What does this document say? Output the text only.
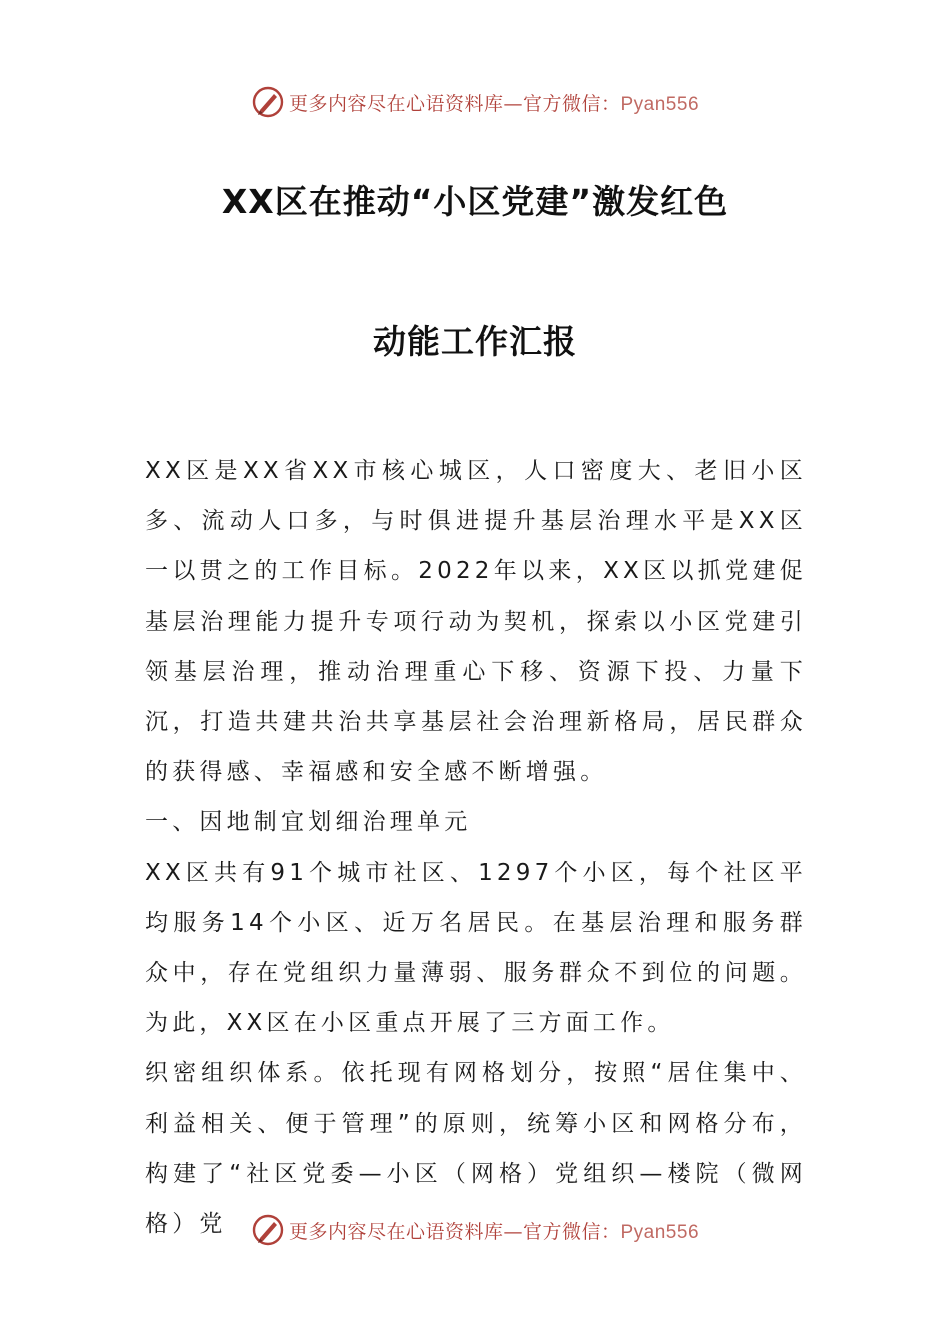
更多内容尽在心语资料库—官方微信：Pyan556
XX区在推动“小区党建”激发红色
动能工作汇报

XX区是XX省XX市核心城区，人口密度大、老旧小区多、流动人口多，与时俱进提升基层治理水平是XX区一以贯之的工作目标。2022年以来，XX区以抓党建促基层治理能力提升专项行动为契机，探索以小区党建引领基层治理，推动治理重心下移、资源下投、力量下沉，打造共建共治共享基层社会治理新格局，居民群众的获得感、幸福感和安全感不断增强。

一、因地制宜划细治理单元

XX区共有91个城市社区、1297个小区，每个社区平均服务14个小区、近万名居民。在基层治理和服务群众中，存在党组织力量薄弱、服务群众不到位的问题。为此，XX区在小区重点开展了三方面工作。

织密组织体系。依托现有网格划分，按照“居住集中、利益相关、便于管理”的原则，统筹小区和网格分布，构建了“社区党委—小区（网格）党组织—楼院（微网格）党	更多内容尽在心语资料库—官方微信：Pyan556
